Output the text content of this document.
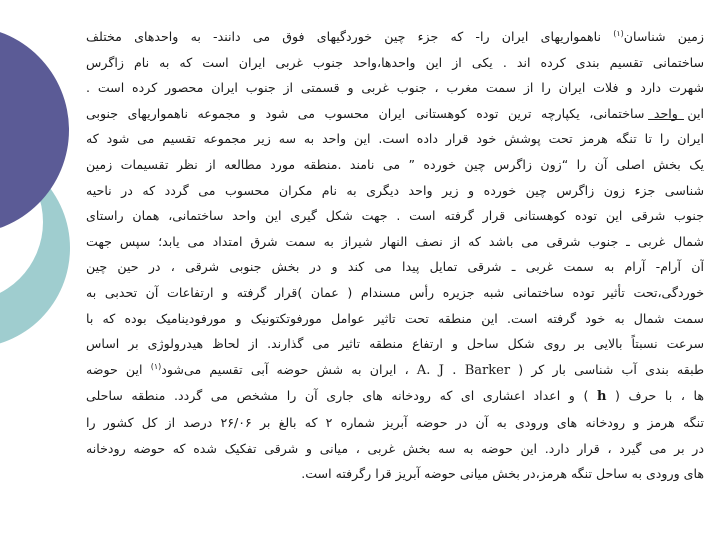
زمین شناسان$^{(۱)}$ ناهمواریهای ایران را- که جزء چین خوردگیهای فوق می دانند- به واحدهای مختلف
ساختمانی تقسیم بندی کرده اند . یکی از این واحدها،واحد جنوب غربی ایران است که به نام زاگرس
شهرت دارد و فلات ایران را از سمت مغرب ، جنوب غربی و قسمتی از جنوب ایران محصور کرده است .
این واحد ساختمانی، یکپارچه ترین توده کوهستانی ایران محسوب می شود و مجموعه ناهمواریهای جنوبی
ایران را تا تنگه هرمز تحت پوشش خود قرار داده است. این واحد به سه زیر مجموعه تقسیم می شود که
یک بخش اصلی آن را “زون زاگرس چین خورده ” می نامند .منطقه مورد مطالعه از نظر تقسیمات زمین
شناسی جزء زون زاگرس چین خورده و زیر واحد دیگری به نام مکران محسوب می گردد که در ناحیه
جنوب شرقی این توده کوهستانی قرار گرفته است . جهت شکل گیری این واحد ساختمانی، همان راستای
شمال غربی ـ جنوب شرقی می باشد که از نصف النهار شیراز به سمت شرق امتداد می یابد؛ سپس جهت
آن آرام- آرام به سمت غربی ـ شرقی تمایل پیدا می کند و در بخش جنوبی شرقی ، در حین چین
خوردگی،تحت تأثیر توده ساختمانی شبه جزیره رأس مسندام ( عمان )قرار گرفته و ارتفاعات آن تحدبی به
سمت شمال به خود گرفته است. این منطقه تحت تاثیر عوامل مورفوتکتونیک و مورفودینامیک بوده که با
سرعت نسبتاً بالایی بر روی شکل ساحل و ارتفاع منطقه تاثیر می گذارند. از لحاظ هیدرولوژی بر اساس
طبقه بندی آب شناسی بار کر ( A. J . Barker ، ایران به شش حوضه آبی تقسیم می‌شود$^{(۱)}$ این حوضه
ها ، با حرف ( h ) و اعداد اعشاری ای که رودخانه های جاری آن را مشخص می گردد. منطقه ساحلی
تنگه هرمز و رودخانه های ورودی به آن در حوضه آبریز شماره ۲ که بالغ بر ۲۶/۰۶ درصد از کل کشور را
در بر می گیرد ، قرار دارد. این حوضه به سه بخش غربی ، میانی و شرقی تفکیک شده که حوضه رودخانه
های ورودی به ساحل تنگه هرمز،در بخش میانی حوضه آبریز قرا رگرفته است.
